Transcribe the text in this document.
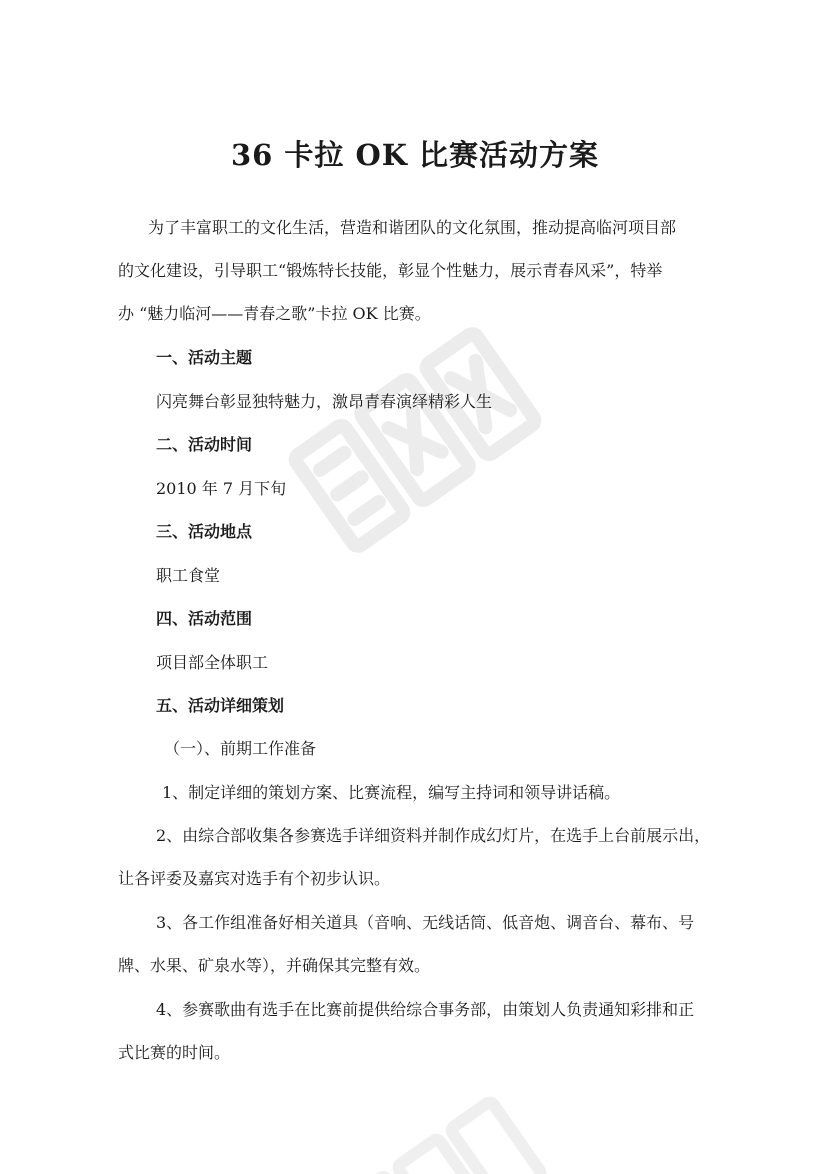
36 卡拉 OK 比赛活动方案
为了丰富职工的文化生活，营造和谐团队的文化氛围，推动提高临河项目部
的文化建设，引导职工“锻炼特长技能，彰显个性魅力，展示青春风采”，特举
办 “魅力临河——青春之歌”卡拉 OK 比赛。
一、活动主题
闪亮舞台彰显独特魅力，激昂青春演绎精彩人生
二、活动时间
2010 年 7 月下旬
三、活动地点
职工食堂
四、活动范围
项目部全体职工
五、活动详细策划
（一）、前期工作准备
1、制定详细的策划方案、比赛流程，编写主持词和领导讲话稿。
2、由综合部收集各参赛选手详细资料并制作成幻灯片，在选手上台前展示出，
让各评委及嘉宾对选手有个初步认识。
3、各工作组准备好相关道具（音响、无线话筒、低音炮、调音台、幕布、号
牌、水果、矿泉水等），并确保其完整有效。
4、参赛歌曲有选手在比赛前提供给综合事务部，由策划人负责通知彩排和正
式比赛的时间。
